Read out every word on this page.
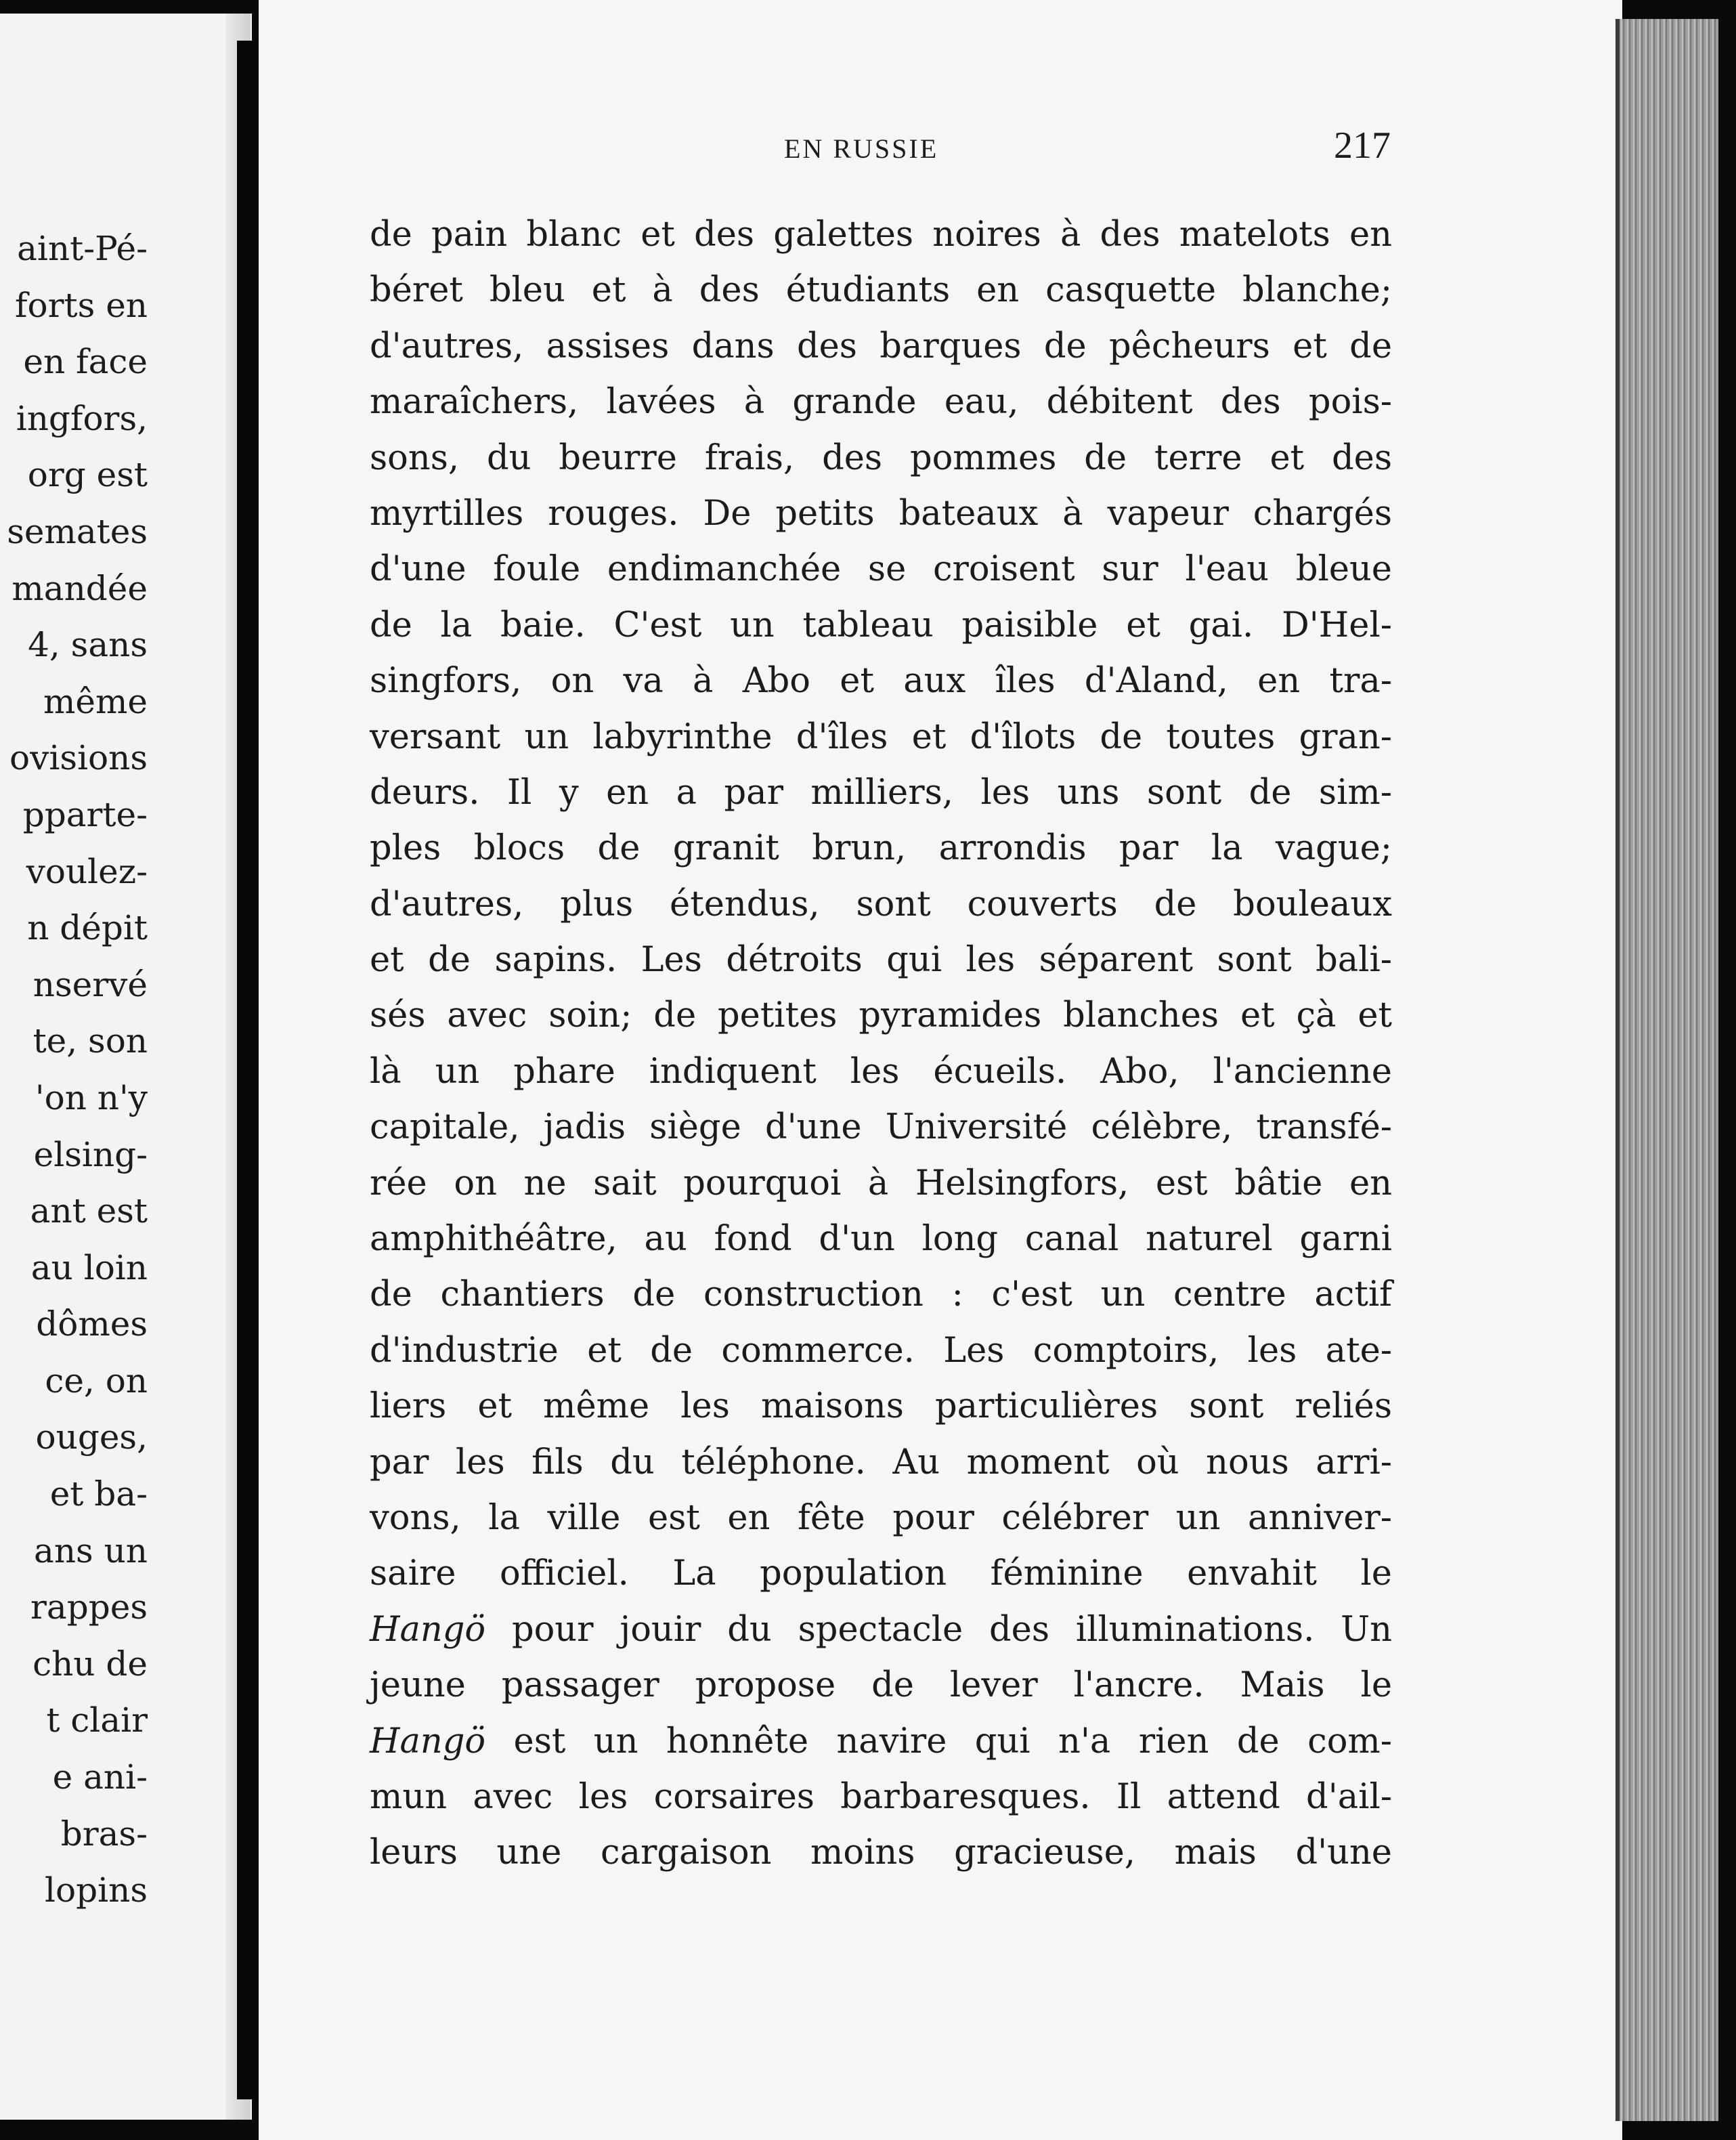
aint-Pé-
forts en
en face
ingfors,
org est
semates
mandée
4, sans
même
ovisions
pparte-
voulez-
n dépit
nservé
te, son
'on n'y
elsing-
ant est
au loin
dômes
ce, on
ouges,
et ba-
ans un
rappes
chu de
t clair
e ani-
bras-
lopins
EN RUSSIE	217
de pain blanc et des galettes noires à des matelots en
béret bleu et à des étudiants en casquette blanche;
d'autres, assises dans des barques de pêcheurs et de
maraîchers, lavées à grande eau, débitent des pois-
sons, du beurre frais, des pommes de terre et des
myrtilles rouges. De petits bateaux à vapeur chargés
d'une foule endimanchée se croisent sur l'eau bleue
de la baie. C'est un tableau paisible et gai. D'Hel-
singfors, on va à Abo et aux îles d'Aland, en tra-
versant un labyrinthe d'îles et d'îlots de toutes gran-
deurs. Il y en a par milliers, les uns sont de sim-
ples blocs de granit brun, arrondis par la vague;
d'autres, plus étendus, sont couverts de bouleaux
et de sapins. Les détroits qui les séparent sont bali-
sés avec soin; de petites pyramides blanches et çà et
là un phare indiquent les écueils. Abo, l'ancienne
capitale, jadis siège d'une Université célèbre, transfé-
rée on ne sait pourquoi à Helsingfors, est bâtie en
amphithéâtre, au fond d'un long canal naturel garni
de chantiers de construction : c'est un centre actif
d'industrie et de commerce. Les comptoirs, les ate-
liers et même les maisons particulières sont reliés
par les fils du téléphone. Au moment où nous arri-
vons, la ville est en fête pour célébrer un anniver-
saire officiel. La population féminine envahit le
Hangö pour jouir du spectacle des illuminations. Un
jeune passager propose de lever l'ancre. Mais le
Hangö est un honnête navire qui n'a rien de com-
mun avec les corsaires barbaresques. Il attend d'ail-
leurs une cargaison moins gracieuse, mais d'une
